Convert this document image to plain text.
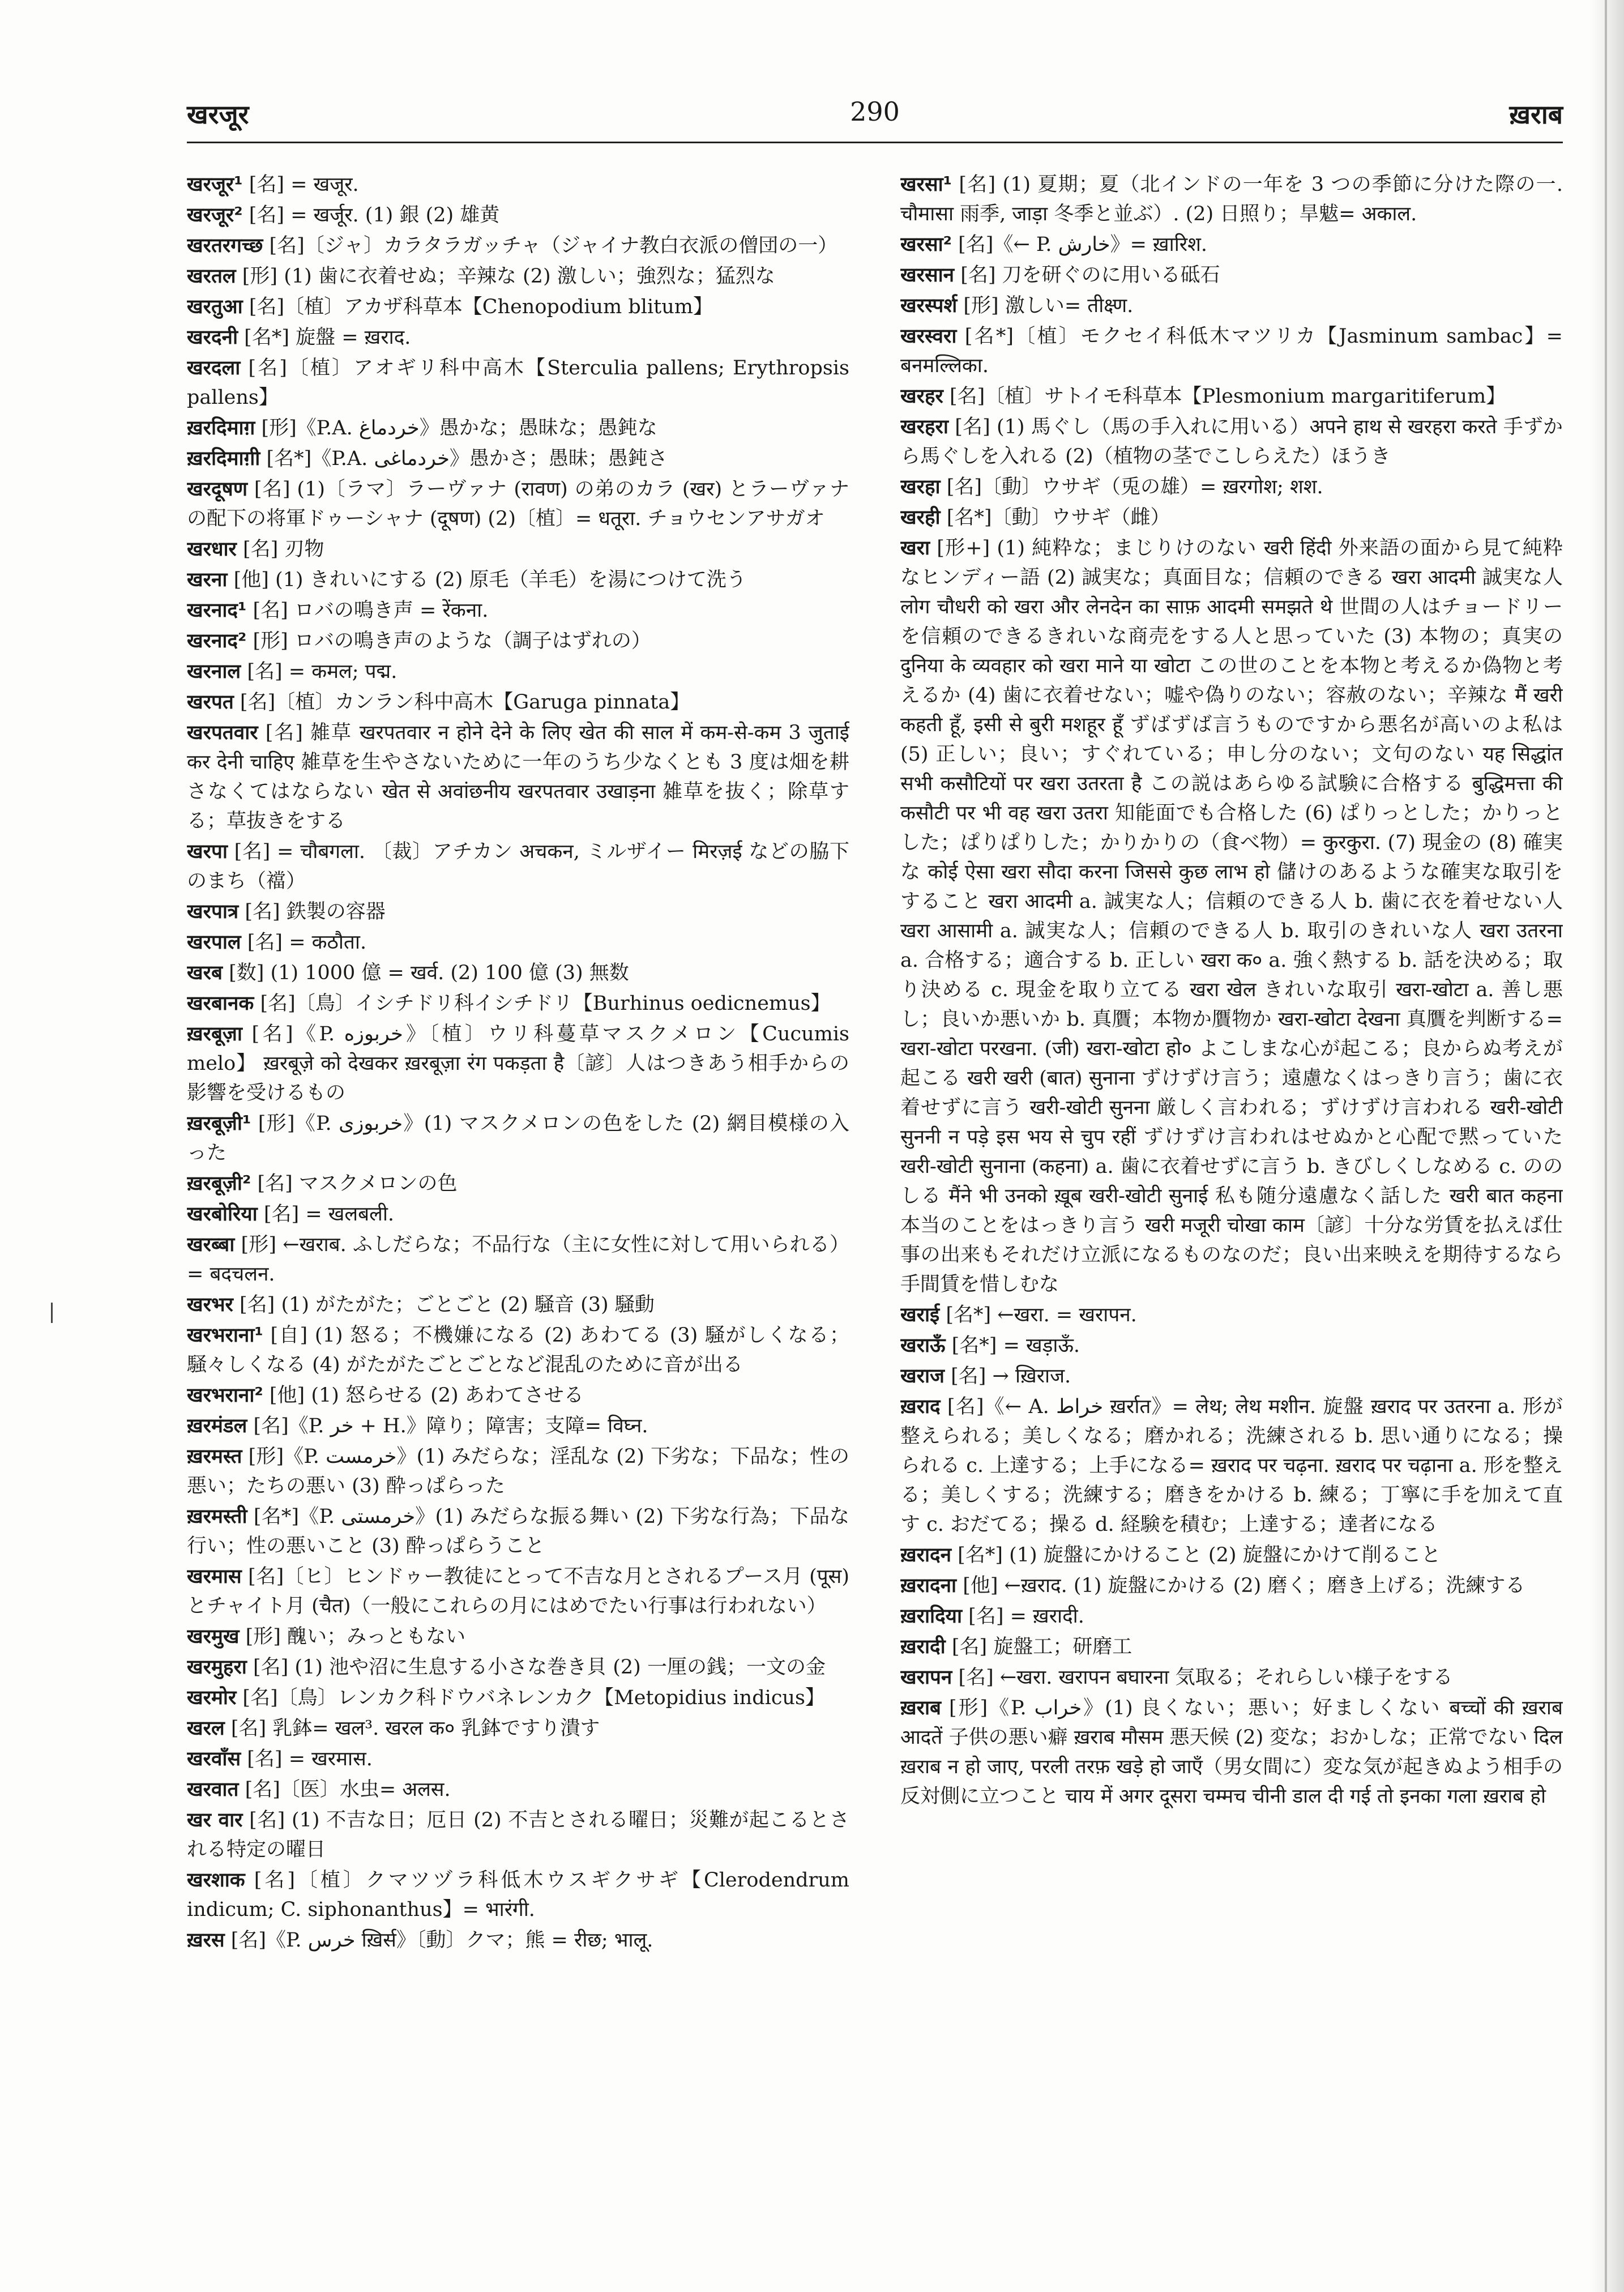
खरजूर	290	ख़राब

खरजूर¹ [名] = खजूर.

खरजूर² [名] = खर्जूर. (1) 銀 (2) 雄黄

खरतरगच्छ [名]〔ジャ〕カラタラガッチャ（ジャイナ教白衣派の僧団の一）

खरतल [形] (1) 歯に衣着せぬ；辛辣な (2) 激しい；強烈な；猛烈な

खरतुआ [名]〔植〕アカザ科草本【Chenopodium blitum】

खरदनी [名*] 旋盤 = ख़राद.

खरदला [名]〔植〕アオギリ科中高木【Sterculia pallens; Erythropsis pallens】

ख़रदिमाग़ [形]《P.A. خردماغ》愚かな；愚昧な；愚鈍な

ख़रदिमाग़ी [名*]《P.A. خردماغی》愚かさ；愚昧；愚鈍さ

खरदूषण [名] (1)〔ラマ〕ラーヴァナ (रावण) の弟のカラ (खर) とラーヴァナの配下の将軍ドゥーシャナ (दूषण) (2)〔植〕= धतूरा. チョウセンアサガオ

खरधार [名] 刃物

खरना [他] (1) きれいにする (2) 原毛（羊毛）を湯につけて洗う

खरनाद¹ [名] ロバの鳴き声 = रेंकना.

खरनाद² [形] ロバの鳴き声のような（調子はずれの）

खरनाल [名] = कमल; पद्म.

खरपत [名]〔植〕カンラン科中高木【Garuga pinnata】

खरपतवार [名] 雑草 खरपतवार न होने देने के लिए खेत की साल में कम-से-कम 3 जुताई कर देनी चाहिए 雑草を生やさないために一年のうち少なくとも 3 度は畑を耕さなくてはならない खेत से अवांछनीय खरपतवार उखाड़ना 雑草を抜く；除草する；草抜きをする

खरपा [名] = चौबगला. 〔裁〕アチカン अचकन, ミルザイー मिरज़ई などの脇下のまち（襠）

खरपात्र [名] 鉄製の容器

खरपाल [名] = कठौता.

खरब [数] (1) 1000 億 = खर्व. (2) 100 億 (3) 無数

खरबानक [名]〔鳥〕イシチドリ科イシチドリ【Burhinus oedicnemus】

ख़रबूज़ा [名]《P. خربوزه》〔植〕ウリ科蔓草マスクメロン【Cucumis melo】 ख़रबूज़े को देखकर ख़रबूज़ा रंग पकड़ता है〔諺〕人はつきあう相手からの影響を受けるもの

ख़रबूज़ी¹ [形]《P. خربوزی》(1) マスクメロンの色をした (2) 網目模様の入った

ख़रबूज़ी² [名] マスクメロンの色

खरबोरिया [名] = खलबली.

खरब्बा [形] ←खराब. ふしだらな；不品行な（主に女性に対して用いられる）= बदचलन.

खरभर [名] (1) がたがた；ごとごと (2) 騒音 (3) 騒動

खरभराना¹ [自] (1) 怒る；不機嫌になる (2) あわてる (3) 騒がしくなる；騒々しくなる (4) がたがたごとごとなど混乱のために音が出る

खरभराना² [他] (1) 怒らせる (2) あわてさせる

ख़रमंडल [名]《P. خر + H.》障り；障害；支障= विघ्न.

ख़रमस्त [形]《P. خرمست》(1) みだらな；淫乱な (2) 下劣な；下品な；性の悪い；たちの悪い (3) 酔っぱらった

ख़रमस्ती [名*]《P. خرمستی》(1) みだらな振る舞い (2) 下劣な行為；下品な行い；性の悪いこと (3) 酔っぱらうこと

खरमास [名]〔ヒ〕ヒンドゥー教徒にとって不吉な月とされるプース月 (पूस) とチャイト月 (चैत)（一般にこれらの月にはめでたい行事は行われない）

खरमुख [形] 醜い；みっともない

खरमुहरा [名] (1) 池や沼に生息する小さな巻き貝 (2) 一厘の銭；一文の金

खरमोर [名]〔鳥〕レンカク科ドウバネレンカク【Metopidius indicus】

खरल [名] 乳鉢= खल³. खरल क० 乳鉢ですり潰す

खरवाँस [名] = खरमास.

खरवात [名]〔医〕水虫= अलस.

खर वार [名] (1) 不吉な日；厄日 (2) 不吉とされる曜日；災難が起こるとされる特定の曜日

खरशाक [名]〔植〕クマツヅラ科低木ウスギクサギ【Clerodendrum indicum; C. siphonanthus】= भारंगी.

ख़रस [名]《P. خرس ख़िर्स》〔動〕クマ；熊 = रीछ; भालू.

खरसा¹ [名] (1) 夏期；夏（北インドの一年を 3 つの季節に分けた際の一. चौमासा 雨季, जाड़ा 冬季と並ぶ）. (2) 日照り；旱魃= अकाल.

खरसा² [名]《← P. خارش》= ख़ारिश.

खरसान [名] 刀を研ぐのに用いる砥石

खरस्पर्श [形] 激しい= तीक्ष्ण.

खरस्वरा [名*]〔植〕モクセイ科低木マツリカ【Jasminum sambac】= बनमल्लिका.

खरहर [名]〔植〕サトイモ科草本【Plesmonium margaritiferum】

खरहरा [名] (1) 馬ぐし（馬の手入れに用いる）अपने हाथ से खरहरा करते 手ずから馬ぐしを入れる (2)（植物の茎でこしらえた）ほうき

खरहा [名]〔動〕ウサギ（兎の雄）= ख़रगोश; शश.

खरही [名*]〔動〕ウサギ（雌）

खरा [形+] (1) 純粋な；まじりけのない खरी हिंदी 外来語の面から見て純粋なヒンディー語 (2) 誠実な；真面目な；信頼のできる खरा आदमी 誠実な人 लोग चौधरी को खरा और लेनदेन का साफ़ आदमी समझते थे 世間の人はチョードリーを信頼のできるきれいな商売をする人と思っていた (3) 本物の；真実の दुनिया के व्यवहार को खरा माने या खोटा この世のことを本物と考えるか偽物と考えるか (4) 歯に衣着せない；嘘や偽りのない；容赦のない；辛辣な मैं खरी कहती हूँ, इसी से बुरी मशहूर हूँ ずばずば言うものですから悪名が高いのよ私は (5) 正しい；良い；すぐれている；申し分のない；文句のない यह सिद्धांत सभी कसौटियों पर खरा उतरता है この説はあらゆる試験に合格する बुद्धिमत्ता की कसौटी पर भी वह खरा उतरा 知能面でも合格した (6) ぱりっとした；かりっとした；ぱりぱりした；かりかりの（食べ物）= कुरकुरा. (7) 現金の (8) 確実な कोई ऐसा खरा सौदा करना जिससे कुछ लाभ हो 儲けのあるような確実な取引をすること खरा आदमी a. 誠実な人；信頼のできる人 b. 歯に衣を着せない人 खरा आसामी a. 誠実な人；信頼のできる人 b. 取引のきれいな人 खरा उतरना a. 合格する；適合する b. 正しい खरा क० a. 強く熱する b. 話を決める；取り決める c. 現金を取り立てる खरा खेल きれいな取引 खरा-खोटा a. 善し悪し；良いか悪いか b. 真贋；本物か贋物か खरा-खोटा देखना 真贋を判断する= खरा-खोटा परखना. (जी) खरा-खोटा हो० よこしまな心が起こる；良からぬ考えが起こる खरी खरी (बात) सुनाना ずけずけ言う；遠慮なくはっきり言う；歯に衣着せずに言う खरी-खोटी सुनना 厳しく言われる；ずけずけ言われる खरी-खोटी सुननी न पड़े इस भय से चुप रहीं ずけずけ言われはせぬかと心配で黙っていた खरी-खोटी सुनाना (कहना) a. 歯に衣着せずに言う b. きびしくしなめる c. ののしる मैंने भी उनको ख़ूब खरी-खोटी सुनाई 私も随分遠慮なく話した खरी बात कहना 本当のことをはっきり言う खरी मजूरी चोखा काम〔諺〕十分な労賃を払えば仕事の出来もそれだけ立派になるものなのだ；良い出来映えを期待するなら手間賃を惜しむな

खराई [名*] ←खरा. = खरापन.

खराऊँ [名*] = खड़ाऊँ.

खराज [名] → ख़िराज.

ख़राद [名]《← A. خراط ख़र्रात》= लेथ; लेथ मशीन. 旋盤 ख़राद पर उतरना a. 形が整えられる；美しくなる；磨かれる；洗練される b. 思い通りになる；操られる c. 上達する；上手になる= ख़राद पर चढ़ना. ख़राद पर चढ़ाना a. 形を整える；美しくする；洗練する；磨きをかける b. 練る；丁寧に手を加えて直す c. おだてる；操る d. 経験を積む；上達する；達者になる

ख़रादन [名*] (1) 旋盤にかけること (2) 旋盤にかけて削ること

ख़रादना [他] ←ख़राद. (1) 旋盤にかける (2) 磨く；磨き上げる；洗練する

ख़रादिया [名] = ख़रादी.

ख़रादी [名] 旋盤工；研磨工

खरापन [名] ←खरा. खरापन बघारना 気取る；それらしい様子をする

ख़राब [形]《P. خراب》(1) 良くない；悪い；好ましくない बच्चों की ख़राब आदतें 子供の悪い癖 ख़राब मौसम 悪天候 (2) 変な；おかしな；正常でない दिल ख़राब न हो जाए, परली तरफ़ खड़े हो जाएँ（男女間に）変な気が起きぬよう相手の反対側に立つこと चाय में अगर दूसरा चम्मच चीनी डाल दी गई तो इनका गला ख़राब हो
